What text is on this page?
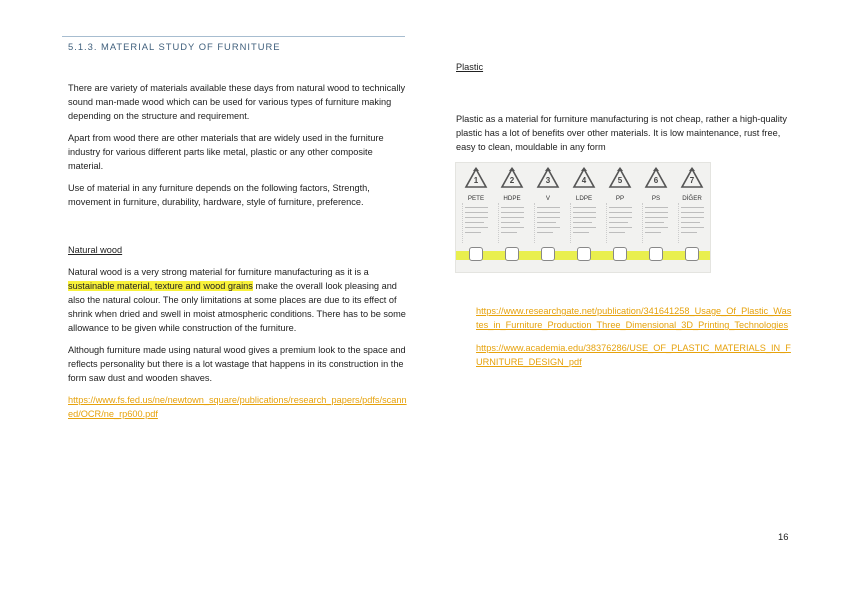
5.1.3. MATERIAL STUDY OF FURNITURE

There are variety of materials available these days from natural wood to technically sound man-made wood which can be used for various types of furniture making depending on the structure and requirement.

Apart from wood there are other materials that are widely used in the furniture industry for various different parts like metal, plastic or any other composite material.

Use of material in any furniture depends on the following factors, Strength, movement in furniture, durability, hardware, style of furniture, preference.

Natural wood

Natural wood is a very strong material for furniture manufacturing as it is a sustainable material, texture and wood grains make the overall look pleasing and also the natural colour. The only limitations at some places are due to its effect of shrink when dried and swell in moist atmospheric conditions. There has to be some allowance to be given while construction of the furniture.

Although furniture made using natural wood gives a premium look to the space and reflects personality but there is a lot wastage that happens in its construction in the form saw dust and wooden shaves.

https://www.fs.fed.us/ne/newtown_square/publications/research_papers/pdfs/scanned/OCR/ne_rp600.pdf

Plastic

Plastic as a material for furniture manufacturing is not cheap, rather a high-quality plastic has a lot of benefits over other materials. It is low maintenance, rust free, easy to clean, mouldable in any form

1
PETE
2
HDPE
3
V
4
LDPE
5
PP
6
PS
7
DİĞER

https://www.researchgate.net/publication/341641258_Usage_Of_Plastic_Wastes_in_Furniture_Production_Three_Dimensional_3D_Printing_Technologies

https://www.academia.edu/38376286/USE_OF_PLASTIC_MATERIALS_IN_FURNITURE_DESIGN_pdf

16
